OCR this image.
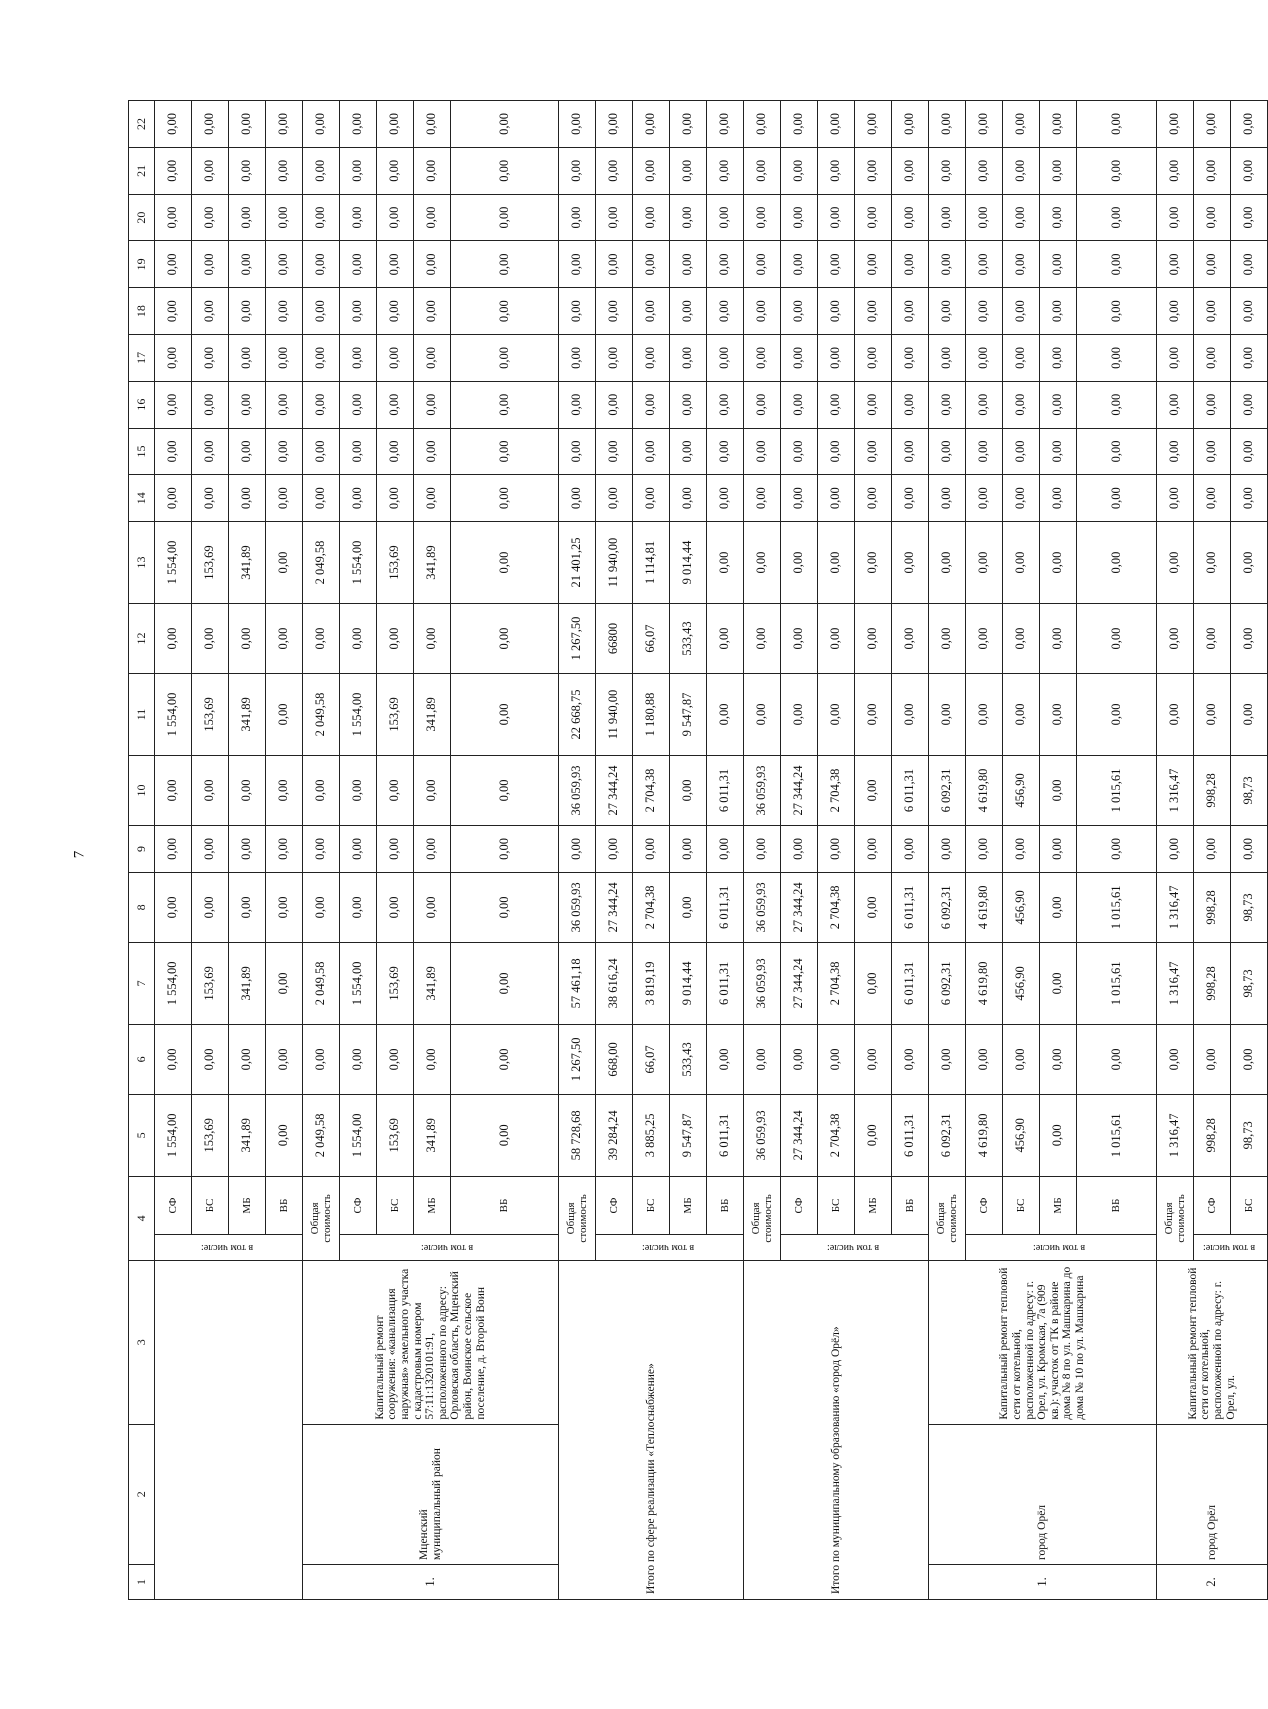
7
1	2	3	4		5	6	7	8	9	10	11	12	13	14	15	16	17	18	19	20	21	22
			в том числе:	СФ	1 554,00	0,00	1 554,00	0,00	0,00	0,00	1 554,00	0,00	1 554,00	0,00	0,00	0,00	0,00	0,00	0,00	0,00	0,00	0,00
				БС	153,69	0,00	153,69	0,00	0,00	0,00	153,69	0,00	153,69	0,00	0,00	0,00	0,00	0,00	0,00	0,00	0,00	0,00
				МБ	341,89	0,00	341,89	0,00	0,00	0,00	341,89	0,00	341,89	0,00	0,00	0,00	0,00	0,00	0,00	0,00	0,00	0,00
				ВБ	0,00	0,00	0,00	0,00	0,00	0,00	0,00	0,00	0,00	0,00	0,00	0,00	0,00	0,00	0,00	0,00	0,00	0,00
1.	Мценский муниципальный район	Капитальный ремонт сооружения: «канализация наружная» земельного участка с кадастровым номером 57:11:1320101:91, расположенного по адресу: Орловская область, Мценский район, Воинское сельское поселение, д. Второй Воин	Общая стоимость		2 049,58	0,00	2 049,58	0,00	0,00	0,00	2 049,58	0,00	2 049,58	0,00	0,00	0,00	0,00	0,00	0,00	0,00	0,00	0,00
			в том числе:	СФ	1 554,00	0,00	1 554,00	0,00	0,00	0,00	1 554,00	0,00	1 554,00	0,00	0,00	0,00	0,00	0,00	0,00	0,00	0,00	0,00
				БС	153,69	0,00	153,69	0,00	0,00	0,00	153,69	0,00	153,69	0,00	0,00	0,00	0,00	0,00	0,00	0,00	0,00	0,00
				МБ	341,89	0,00	341,89	0,00	0,00	0,00	341,89	0,00	341,89	0,00	0,00	0,00	0,00	0,00	0,00	0,00	0,00	0,00
				ВБ	0,00	0,00	0,00	0,00	0,00	0,00	0,00	0,00	0,00	0,00	0,00	0,00	0,00	0,00	0,00	0,00	0,00	0,00
Итого по сфере реализации «Теплоснабжение»			Общая стоимость		58 728,68	1 267,50	57 461,18	36 059,93	0,00	36 059,93	22 668,75	1 267,50	21 401,25	0,00	0,00	0,00	0,00	0,00	0,00	0,00	0,00	0,00
			в том числе:	СФ	39 284,24	668,00	38 616,24	27 344,24	0,00	27 344,24	11 940,00	66800	11 940,00	0,00	0,00	0,00	0,00	0,00	0,00	0,00	0,00	0,00
				БС	3 885,25	66,07	3 819,19	2 704,38	0,00	2 704,38	1 180,88	66,07	1 114,81	0,00	0,00	0,00	0,00	0,00	0,00	0,00	0,00	0,00
				МБ	9 547,87	533,43	9 014,44	0,00	0,00	0,00	9 547,87	533,43	9 014,44	0,00	0,00	0,00	0,00	0,00	0,00	0,00	0,00	0,00
				ВБ	6 011,31	0,00	6 011,31	6 011,31	0,00	6 011,31	0,00	0,00	0,00	0,00	0,00	0,00	0,00	0,00	0,00	0,00	0,00	0,00
Итого по муниципальному образованию «город Орёл»			Общая стоимость		36 059,93	0,00	36 059,93	36 059,93	0,00	36 059,93	0,00	0,00	0,00	0,00	0,00	0,00	0,00	0,00	0,00	0,00	0,00	0,00
			в том числе:	СФ	27 344,24	0,00	27 344,24	27 344,24	0,00	27 344,24	0,00	0,00	0,00	0,00	0,00	0,00	0,00	0,00	0,00	0,00	0,00	0,00
				БС	2 704,38	0,00	2 704,38	2 704,38	0,00	2 704,38	0,00	0,00	0,00	0,00	0,00	0,00	0,00	0,00	0,00	0,00	0,00	0,00
				МБ	0,00	0,00	0,00	0,00	0,00	0,00	0,00	0,00	0,00	0,00	0,00	0,00	0,00	0,00	0,00	0,00	0,00	0,00
				ВБ	6 011,31	0,00	6 011,31	6 011,31	0,00	6 011,31	0,00	0,00	0,00	0,00	0,00	0,00	0,00	0,00	0,00	0,00	0,00	0,00
1.	город Орёл	Капитальный ремонт тепловой сети от котельной, расположенной по адресу: г. Орел, ул. Кромская, 7а (909 кв.): участок от ТК в районе дома № 8 по ул. Машкарина до дома № 10 по ул. Машкарина	Общая стоимость		6 092,31	0,00	6 092,31	6 092,31	0,00	6 092,31	0,00	0,00	0,00	0,00	0,00	0,00	0,00	0,00	0,00	0,00	0,00	0,00
			в том числе:	СФ	4 619,80	0,00	4 619,80	4 619,80	0,00	4 619,80	0,00	0,00	0,00	0,00	0,00	0,00	0,00	0,00	0,00	0,00	0,00	0,00
				БС	456,90	0,00	456,90	456,90	0,00	456,90	0,00	0,00	0,00	0,00	0,00	0,00	0,00	0,00	0,00	0,00	0,00	0,00
				МБ	0,00	0,00	0,00	0,00	0,00	0,00	0,00	0,00	0,00	0,00	0,00	0,00	0,00	0,00	0,00	0,00	0,00	0,00
				ВБ	1 015,61	0,00	1 015,61	1 015,61	0,00	1 015,61	0,00	0,00	0,00	0,00	0,00	0,00	0,00	0,00	0,00	0,00	0,00	0,00
2.	город Орёл	Капитальный ремонт тепловой сети от котельной, расположенной по адресу: г. Орел, ул.	Общая стоимость		1 316,47	0,00	1 316,47	1 316,47	0,00	1 316,47	0,00	0,00	0,00	0,00	0,00	0,00	0,00	0,00	0,00	0,00	0,00	0,00
			в том числе:	СФ	998,28	0,00	998,28	998,28	0,00	998,28	0,00	0,00	0,00	0,00	0,00	0,00	0,00	0,00	0,00	0,00	0,00	0,00
				БС	98,73	0,00	98,73	98,73	0,00	98,73	0,00	0,00	0,00	0,00	0,00	0,00	0,00	0,00	0,00	0,00	0,00	0,00
